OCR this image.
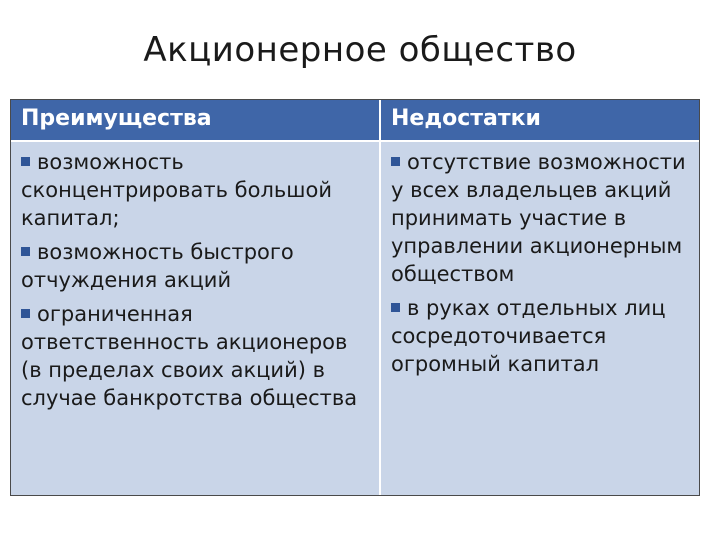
Акционерное общество
Преимущества	Недостатки
возможность сконцентрировать большой капитал;
возможность быстрого отчуждения акций
ограниченная ответственность акционеров (в пределах своих акций) в случае банкротства общества
отсутствие возможности у всех владельцев акций принимать участие в управлении акционерным обществом
в руках отдельных лиц сосредоточивается огромный капитал
